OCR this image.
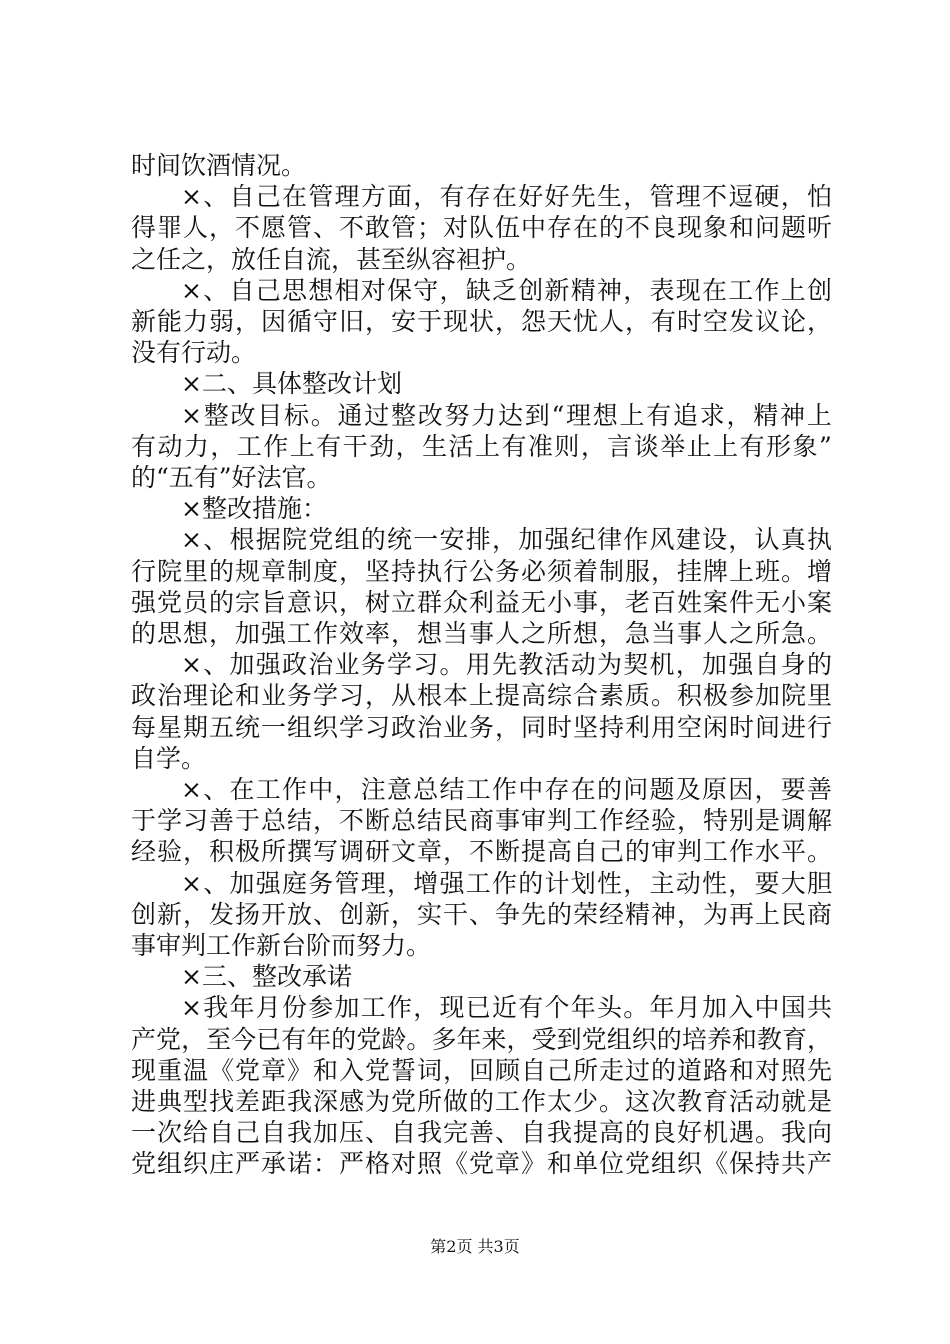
时间饮酒情况。
×、自己在管理方面，有存在好好先生，管理不逗硬，怕
得罪人，不愿管、不敢管；对队伍中存在的不良现象和问题听
之任之，放任自流，甚至纵容袒护。
×、自己思想相对保守，缺乏创新精神，表现在工作上创
新能力弱，因循守旧，安于现状，怨天忧人，有时空发议论，
没有行动。
×二、具体整改计划
×整改目标。通过整改努力达到“理想上有追求，精神上
有动力，工作上有干劲，生活上有准则，言谈举止上有形象”
的“五有”好法官。
×整改措施：
×、根据院党组的统一安排，加强纪律作风建设，认真执
行院里的规章制度，坚持执行公务必须着制服，挂牌上班。增
强党员的宗旨意识，树立群众利益无小事，老百姓案件无小案
的思想，加强工作效率，想当事人之所想，急当事人之所急。
×、加强政治业务学习。用先教活动为契机，加强自身的
政治理论和业务学习，从根本上提高综合素质。积极参加院里
每星期五统一组织学习政治业务，同时坚持利用空闲时间进行
自学。
×、在工作中，注意总结工作中存在的问题及原因，要善
于学习善于总结，不断总结民商事审判工作经验，特别是调解
经验，积极所撰写调研文章，不断提高自己的审判工作水平。
×、加强庭务管理，增强工作的计划性，主动性，要大胆
创新，发扬开放、创新，实干、争先的荣经精神，为再上民商
事审判工作新台阶而努力。
×三、整改承诺
×我年月份参加工作，现已近有个年头。年月加入中国共
产党，至今已有年的党龄。多年来，受到党组织的培养和教育，
现重温《党章》和入党誓词，回顾自己所走过的道路和对照先
进典型找差距我深感为党所做的工作太少。这次教育活动就是
一次给自己自我加压、自我完善、自我提高的良好机遇。我向
党组织庄严承诺：严格对照《党章》和单位党组织《保持共产
第2页 共3页
